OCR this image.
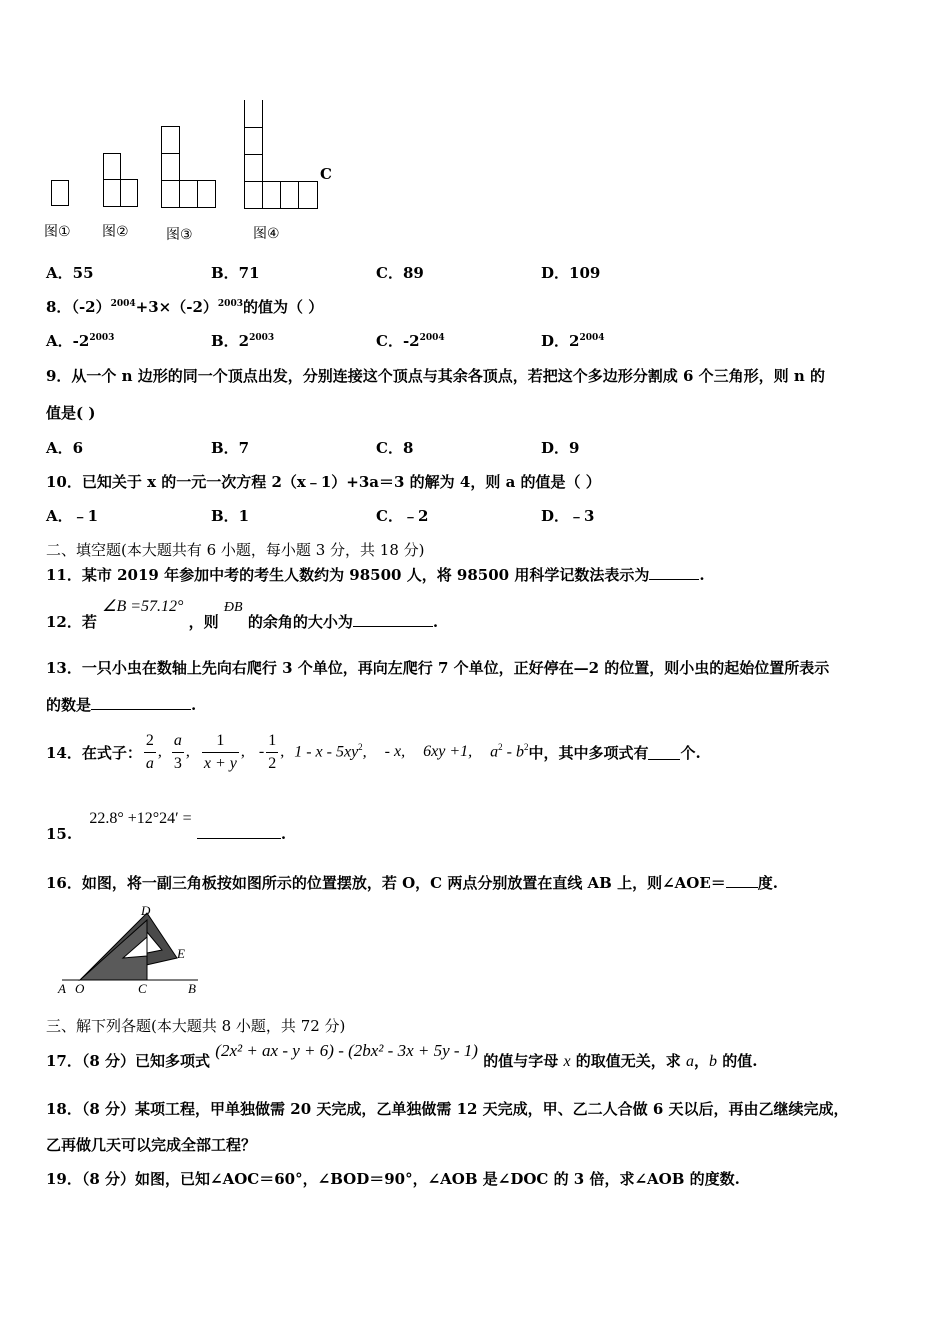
C
图① 图②	图③	图④
A．55	B．71	C．89	D．109
8．$(-2)^{2004}+3\times(-2)^{2003}$的值为（ ）
A．$-2^{2003}$	B．$2^{2003}$	C．$-2^{2004}$	D．$2^{2004}$
9．从一个 n 边形的同一个顶点出发，分别连接这个顶点与其余各顶点，若把这个多边形分割成 6 个三角形，则 n 的
值是( )
A．6	B．7	C．8	D．9
10．已知关于 x 的一元一次方程 2（x﹣1）+3a＝3 的解为 4，则 a 的值是（ ）
A．﹣1	B．1	C．﹣2	D．﹣3
二、填空题(本大题共有 6 小题，每小题 3 分，共 18 分)
11．某市 2019 年参加中考的考生人数约为 98500 人，将 98500 用科学记数法表示为	.
12．若 ∠B =57.12° ，则 ÐB 的余角的大小为	.
13．一只小虫在数轴上先向右爬行 3 个单位，再向左爬行 7 个单位，正好停在—2 的位置，则小虫的起始位置所表示
的数是	.
14．在式子： $\frac{2}{a}$ , $\frac{a}{3}$ , $\frac{1}{x + y}$ , - $\frac{1}{2}$ , 1 - x - $5xy^2$, - x, 6xy +1, $a^2 - b^2$ 中，其中多项式有 个.
15. 22.8° +12°24′ = .
16．如图，将一副三角板按如图所示的位置摆放，若 O，C 两点分别放置在直线 AB 上，则∠AOE＝ 度.
D
E
A O	C	B
三、解下列各题(本大题共 8 小题，共 72 分)
17．（8 分）已知多项式 (2x² + ax - y + 6) - (2bx² - 3x + 5y - 1) 的值与字母 x 的取值无关，求 a，b 的值.
18．（8 分）某项工程，甲单独做需 20 天完成，乙单独做需 12 天完成，甲、乙二人合做 6 天以后，再由乙继续完成，
乙再做几天可以完成全部工程？
19．（8 分）如图，已知∠AOC＝60°，∠BOD＝90°，∠AOB 是∠DOC 的 3 倍，求∠AOB 的度数.
